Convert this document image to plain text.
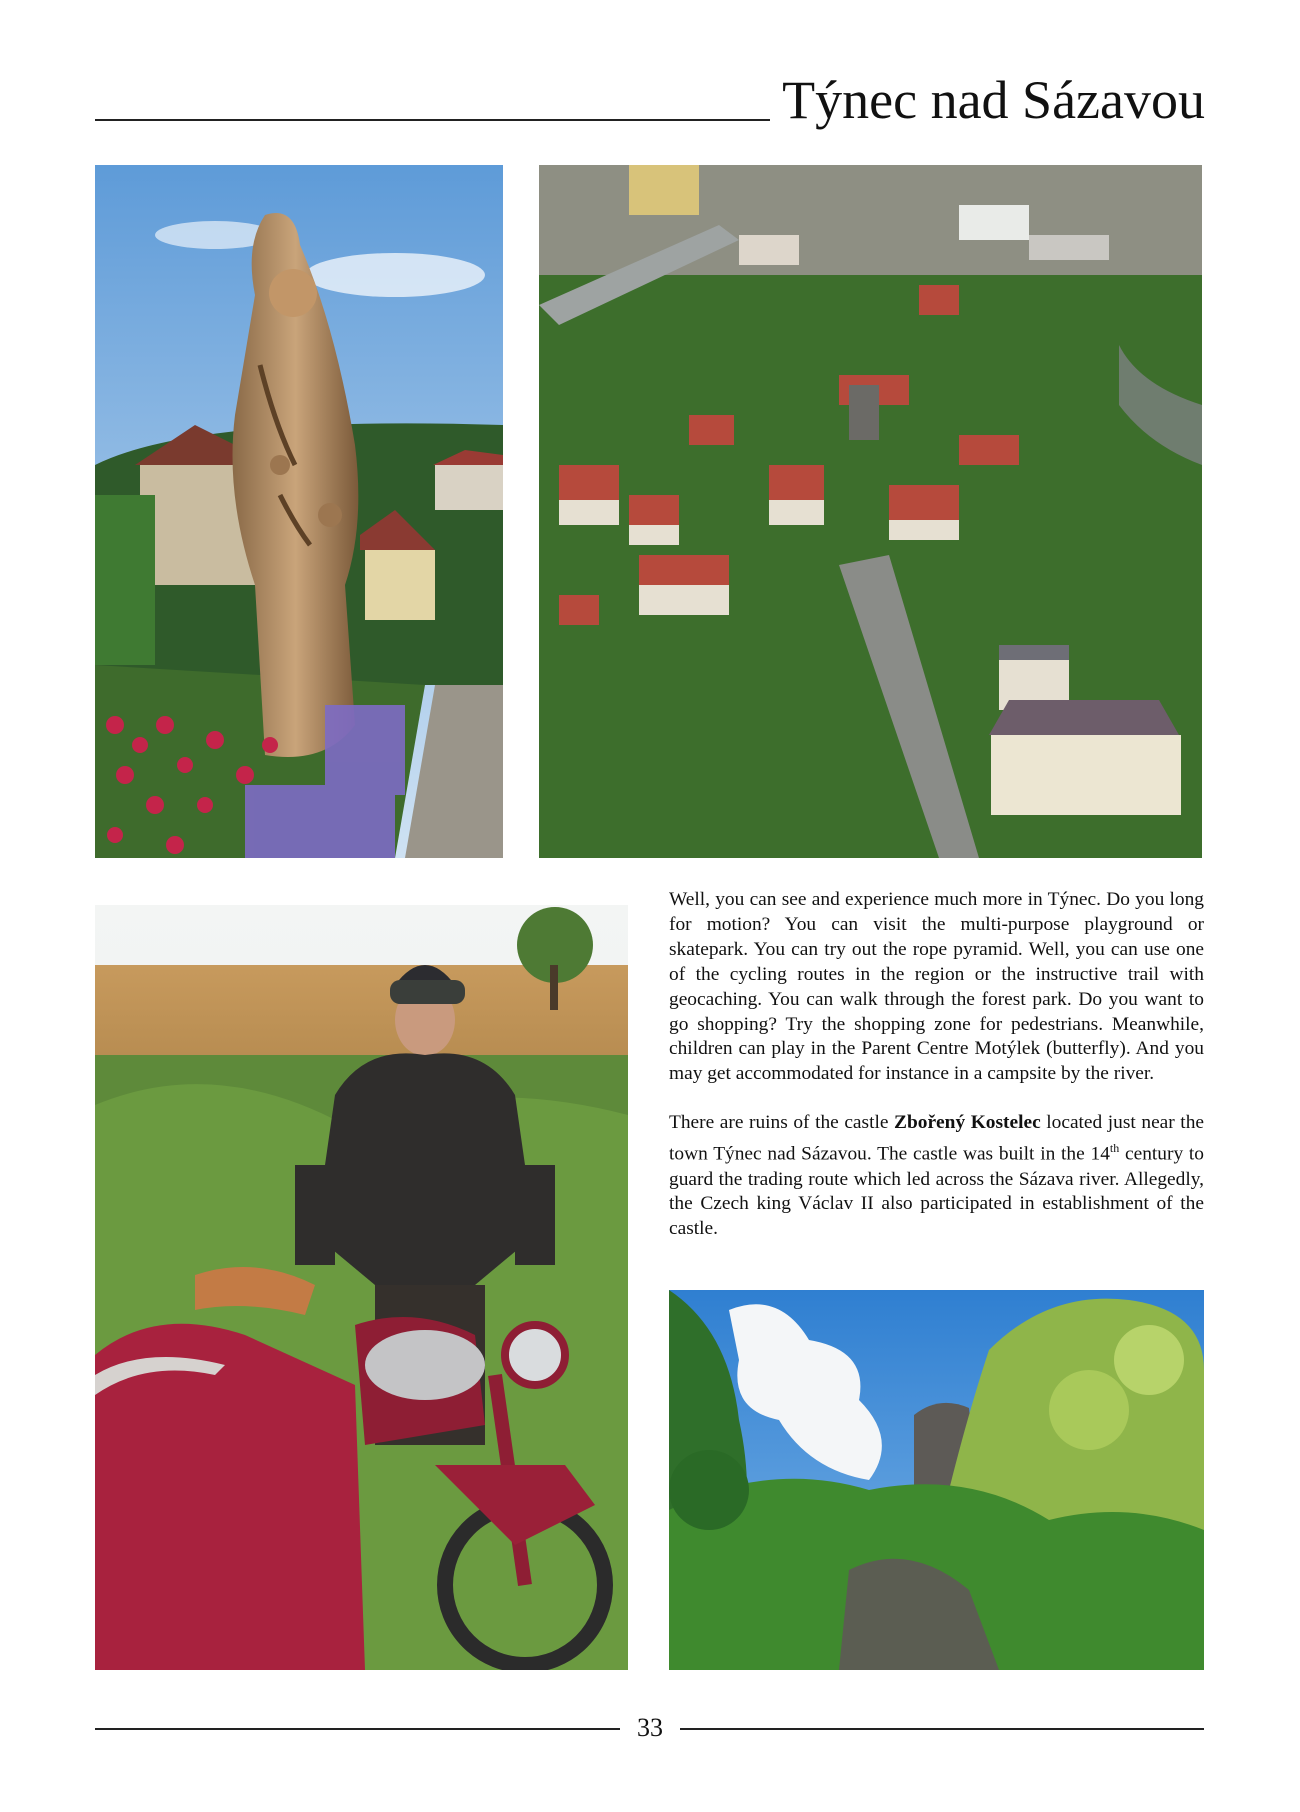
Týnec nad Sázavou

Well, you can see and experience much more in Týnec. Do you long for motion? You can visit the multi-purpose playground or skatepark. You can try out the rope pyramid. Well, you can use one of the cycling routes in the region or the instructive trail with geocaching. You can walk through the forest park. Do you want to go shopping? Try the shopping zone for pedestrians. Meanwhile, children can play in the Parent Centre Motýlek (butterfly). And you may get accommodated for instance in a campsite by the river.

There are ruins of the castle Zbořený Kostelec located just near the town Týnec nad Sázavou. The castle was built in the 14th century to guard the trading route which led across the Sázava river. Allegedly, the Czech king Václav II also participated in establishment of the castle.

33
